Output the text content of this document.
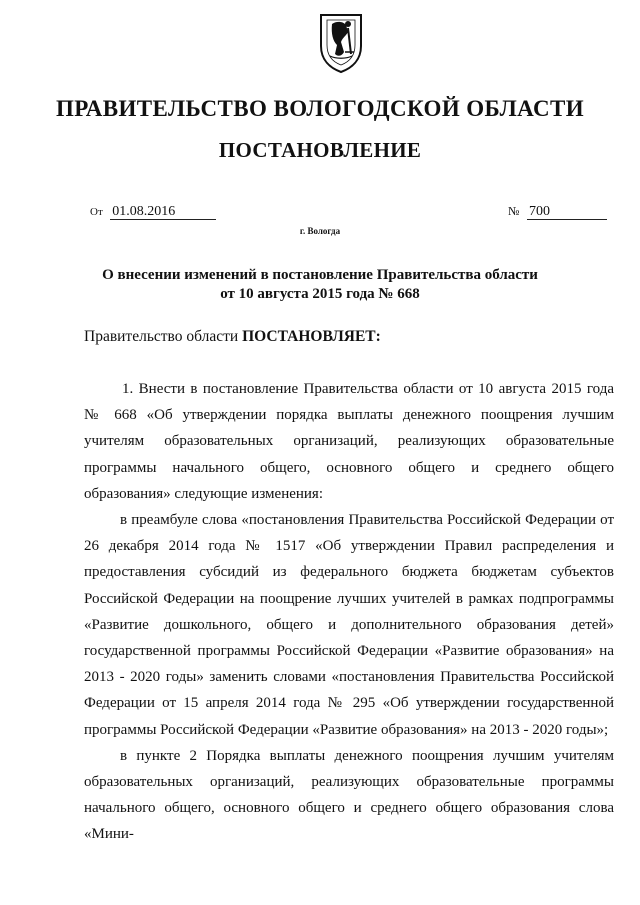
ПРАВИТЕЛЬСТВО ВОЛОГОДСКОЙ ОБЛАСТИ
ПОСТАНОВЛЕНИЕ
От 01.08.2016	№ 700
г. Вологда
О внесении изменений в постановление Правительства области
от 10 августа 2015 года № 668
Правительство области ПОСТАНОВЛЯЕТ:

1. Внести в постановление Правительства области от 10 августа 2015 года № 668 «Об утверждении порядка выплаты денежного поощрения лучшим учителям образовательных организаций, реализующих образовательные программы начального общего, основного общего и среднего общего образования» следующие изменения:

в преамбуле слова «постановления Правительства Российской Федерации от 26 декабря 2014 года № 1517 «Об утверждении Правил распределения и предоставления субсидий из федерального бюджета бюджетам субъектов Российской Федерации на поощрение лучших учителей в рамках подпрограммы «Развитие дошкольного, общего и дополнительного образования детей» государственной программы Российской Федерации «Развитие образования» на 2013 - 2020 годы» заменить словами «постановления Правительства Российской Федерации от 15 апреля 2014 года № 295 «Об утверждении государственной программы Российской Федерации «Развитие образования» на 2013 - 2020 годы»;

в пункте 2 Порядка выплаты денежного поощрения лучшим учителям образовательных организаций, реализующих образовательные программы начального общего, основного общего и среднего общего образования слова «Мини-
